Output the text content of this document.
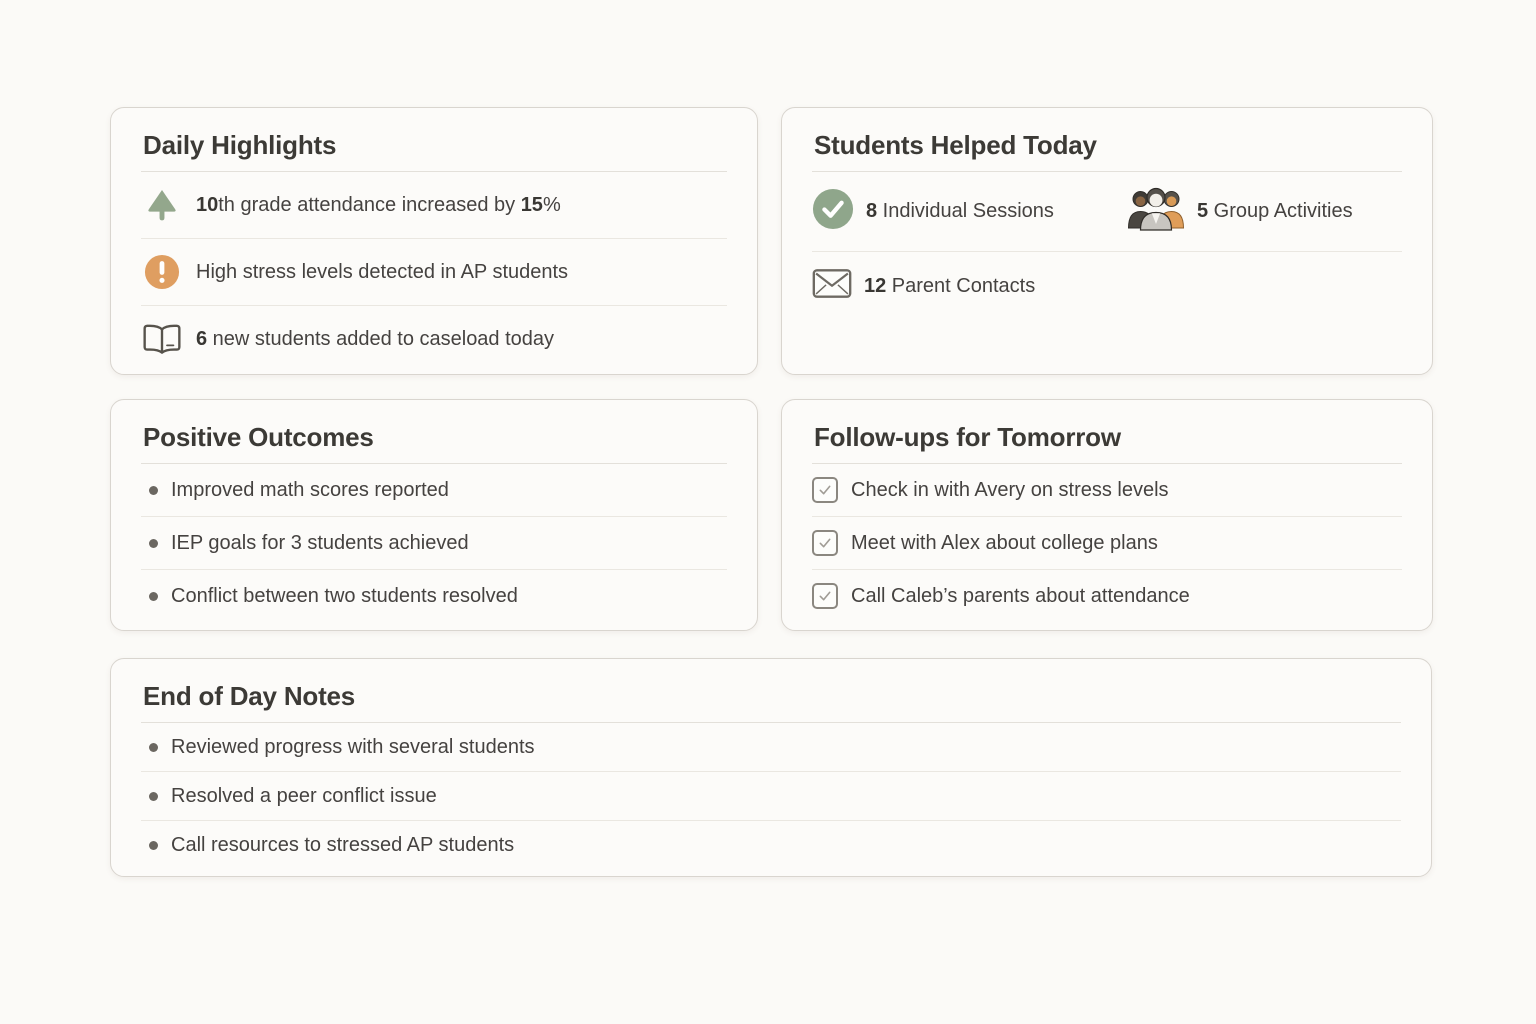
Daily Highlights

10th grade attendance increased by 15%

High stress levels detected in AP students

6 new students added to caseload today

Students Helped Today

8 Individual Sessions	5 Group Activities

12 Parent Contacts

Positive Outcomes

Improved math scores reported

IEP goals for 3 students achieved

Conflict between two students resolved

Follow-ups for Tomorrow

Check in with Avery on stress levels

Meet with Alex about college plans

Call Caleb’s parents about attendance

End of Day Notes

Reviewed progress with several students

Resolved a peer conflict issue

Call resources to stressed AP students
